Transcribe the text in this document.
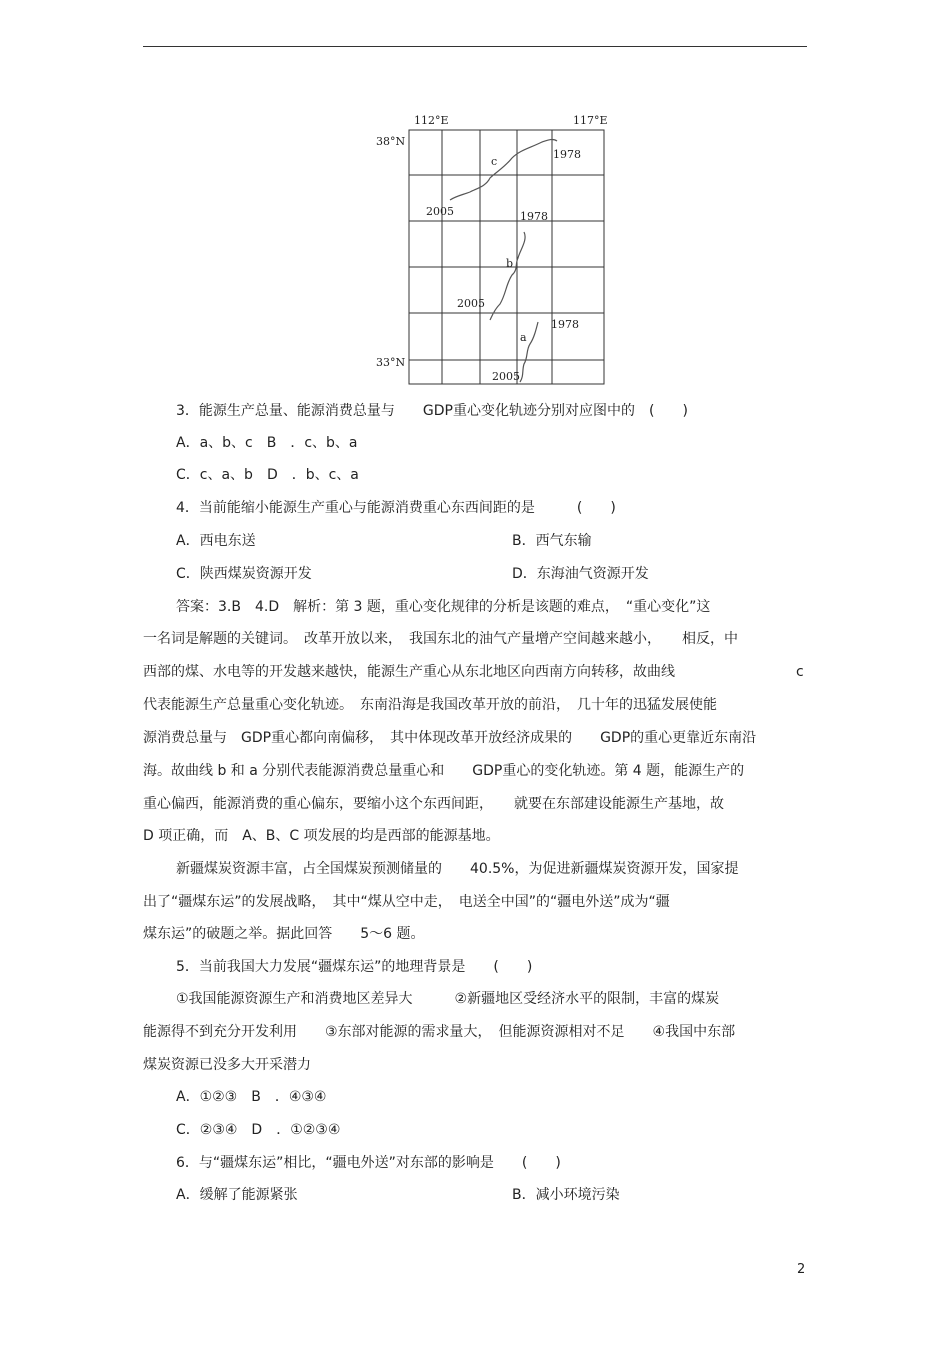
112°E	117°E
38°N
33°N
c
1978
2005
b
1978
2005
a
1978
2005
3．能源生产总量、能源消费总量与　　GDP重心变化轨迹分别对应图中的　(　　)
A．a、b、c　B　．c、b、a
C．c、a、b　D　．b、c、a
4．当前能缩小能源生产重心与能源消费重心东西间距的是　　　(　　)
A．西电东送	B．西气东输
C．陕西煤炭资源开发	D．东海油气资源开发
答案：3.B　4.D　解析：第 3 题，重心变化规律的分析是该题的难点，　“重心变化”这
一名词是解题的关键词。　改革开放以来，　我国东北的油气产量增产空间越来越小，　　相反，中
西部的煤、水电等的开发越来越快，能源生产重心从东北地区向西南方向转移，故曲线	c
代表能源生产总量重心变化轨迹。　东南沿海是我国改革开放的前沿，　几十年的迅猛发展使能
源消费总量与　GDP重心都向南偏移，　其中体现改革开放经济成果的　　GDP的重心更靠近东南沿
海。故曲线 b 和 a 分别代表能源消费总量重心和　　GDP重心的变化轨迹。第 4 题，能源生产的
重心偏西，能源消费的重心偏东，要缩小这个东西间距，　　就要在东部建设能源生产基地，故
D 项正确，而　A、B、C 项发展的均是西部的能源基地。
新疆煤炭资源丰富，占全国煤炭预测储量的　　40.5%，为促进新疆煤炭资源开发，国家提
出了“疆煤东运”的发展战略，　其中“煤从空中走，　电送全中国”的“疆电外送”成为“疆
煤东运”的破题之举。据此回答　　5～6 题。
5．当前我国大力发展“疆煤东运”的地理背景是　　(　　)
①我国能源资源生产和消费地区差异大　　　②新疆地区受经济水平的限制，丰富的煤炭
能源得不到充分开发利用　　③东部对能源的需求量大，　但能源资源相对不足　　④我国中东部
煤炭资源已没多大开采潜力
A．①②③　B　．④③④
C．②③④　D　．①②③④
6．与“疆煤东运”相比，“疆电外送”对东部的影响是　　(　　)
A．缓解了能源紧张	B．减小环境污染
2
